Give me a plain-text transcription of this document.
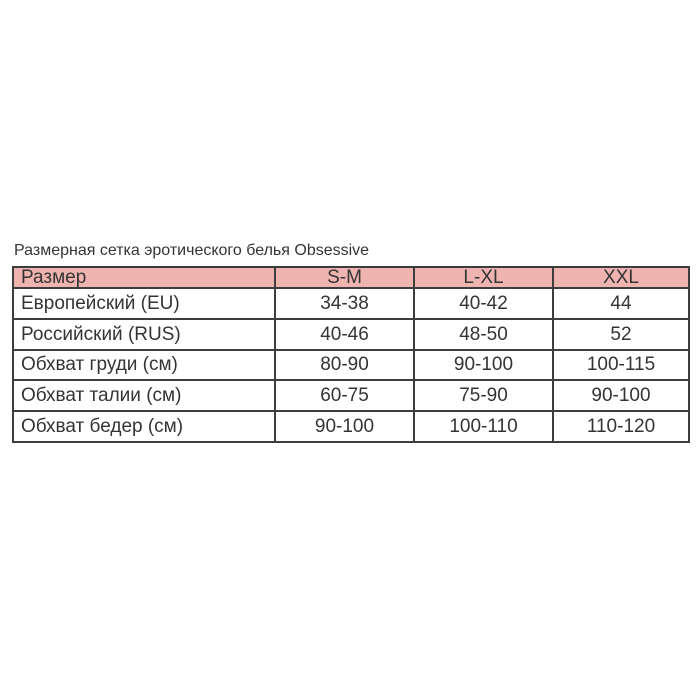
Размерная сетка эротического белья Obsessive
Размер	S-M	L-XL	XXL
Европейский (EU)	34-38	40-42	44
Российский (RUS)	40-46	48-50	52
Обхват груди (см)	80-90	90-100	100-115
Обхват талии (см)	60-75	75-90	90-100
Обхват бедер (см)	90-100	100-110	110-120
